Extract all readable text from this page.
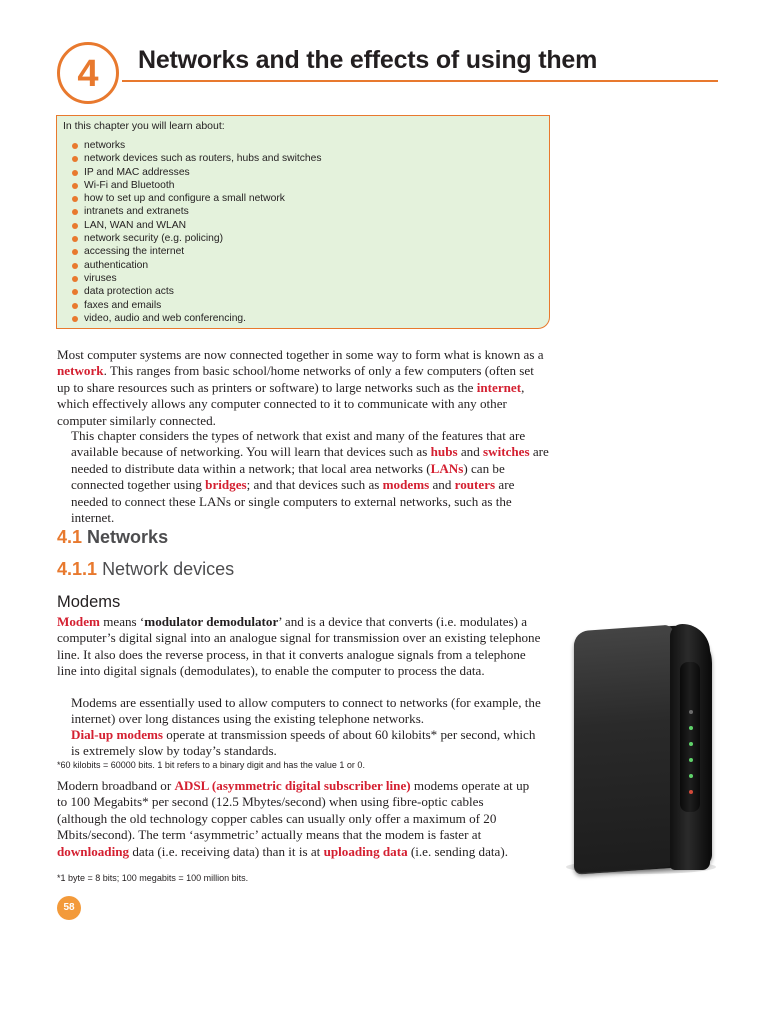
4	Networks and the effects of using them
In this chapter you will learn about:
networks
network devices such as routers, hubs and switches
IP and MAC addresses
Wi-Fi and Bluetooth
how to set up and configure a small network
intranets and extranets
LAN, WAN and WLAN
network security (e.g. policing)
accessing the internet
authentication
viruses
data protection acts
faxes and emails
video, audio and web conferencing.

Most computer systems are now connected together in some way to form what is known as a network. This ranges from basic school/home networks of only a few computers (often set up to share resources such as printers or software) to large networks such as the internet, which effectively allows any computer connected to it to communicate with any other computer similarly connected.

This chapter considers the types of network that exist and many of the features that are available because of networking. You will learn that devices such as hubs and switches are needed to distribute data within a network; that local area networks (LANs) can be connected together using bridges; and that devices such as modems and routers are needed to connect these LANs or single computers to external networks, such as the internet.

4.1 Networks
4.1.1 Network devices
Modems

Modem means ‘modulator demodulator’ and is a device that converts (i.e. modulates) a computer’s digital signal into an analogue signal for transmission over an existing telephone line. It also does the reverse process, in that it converts analogue signals from a telephone line into digital signals (demodulates), to enable the computer to process the data.

Modems are essentially used to allow computers to connect to networks (for example, the internet) over long distances using the existing telephone networks.

Dial-up modems operate at transmission speeds of about 60 kilobits* per second, which is extremely slow by today’s standards.

*60 kilobits = 60000 bits. 1 bit refers to a binary digit and has the value 1 or 0.

Modern broadband or ADSL (asymmetric digital subscriber line) modems operate at up to 100 Megabits* per second (12.5 Mbytes/second) when using fibre-optic cables (although the old technology copper cables can usually only offer a maximum of 20 Mbits/second). The term ‘asymmetric’ actually means that the modem is faster at downloading data (i.e. receiving data) than it is at uploading data (i.e. sending data).

*1 byte = 8 bits; 100 megabits = 100 million bits.
58
